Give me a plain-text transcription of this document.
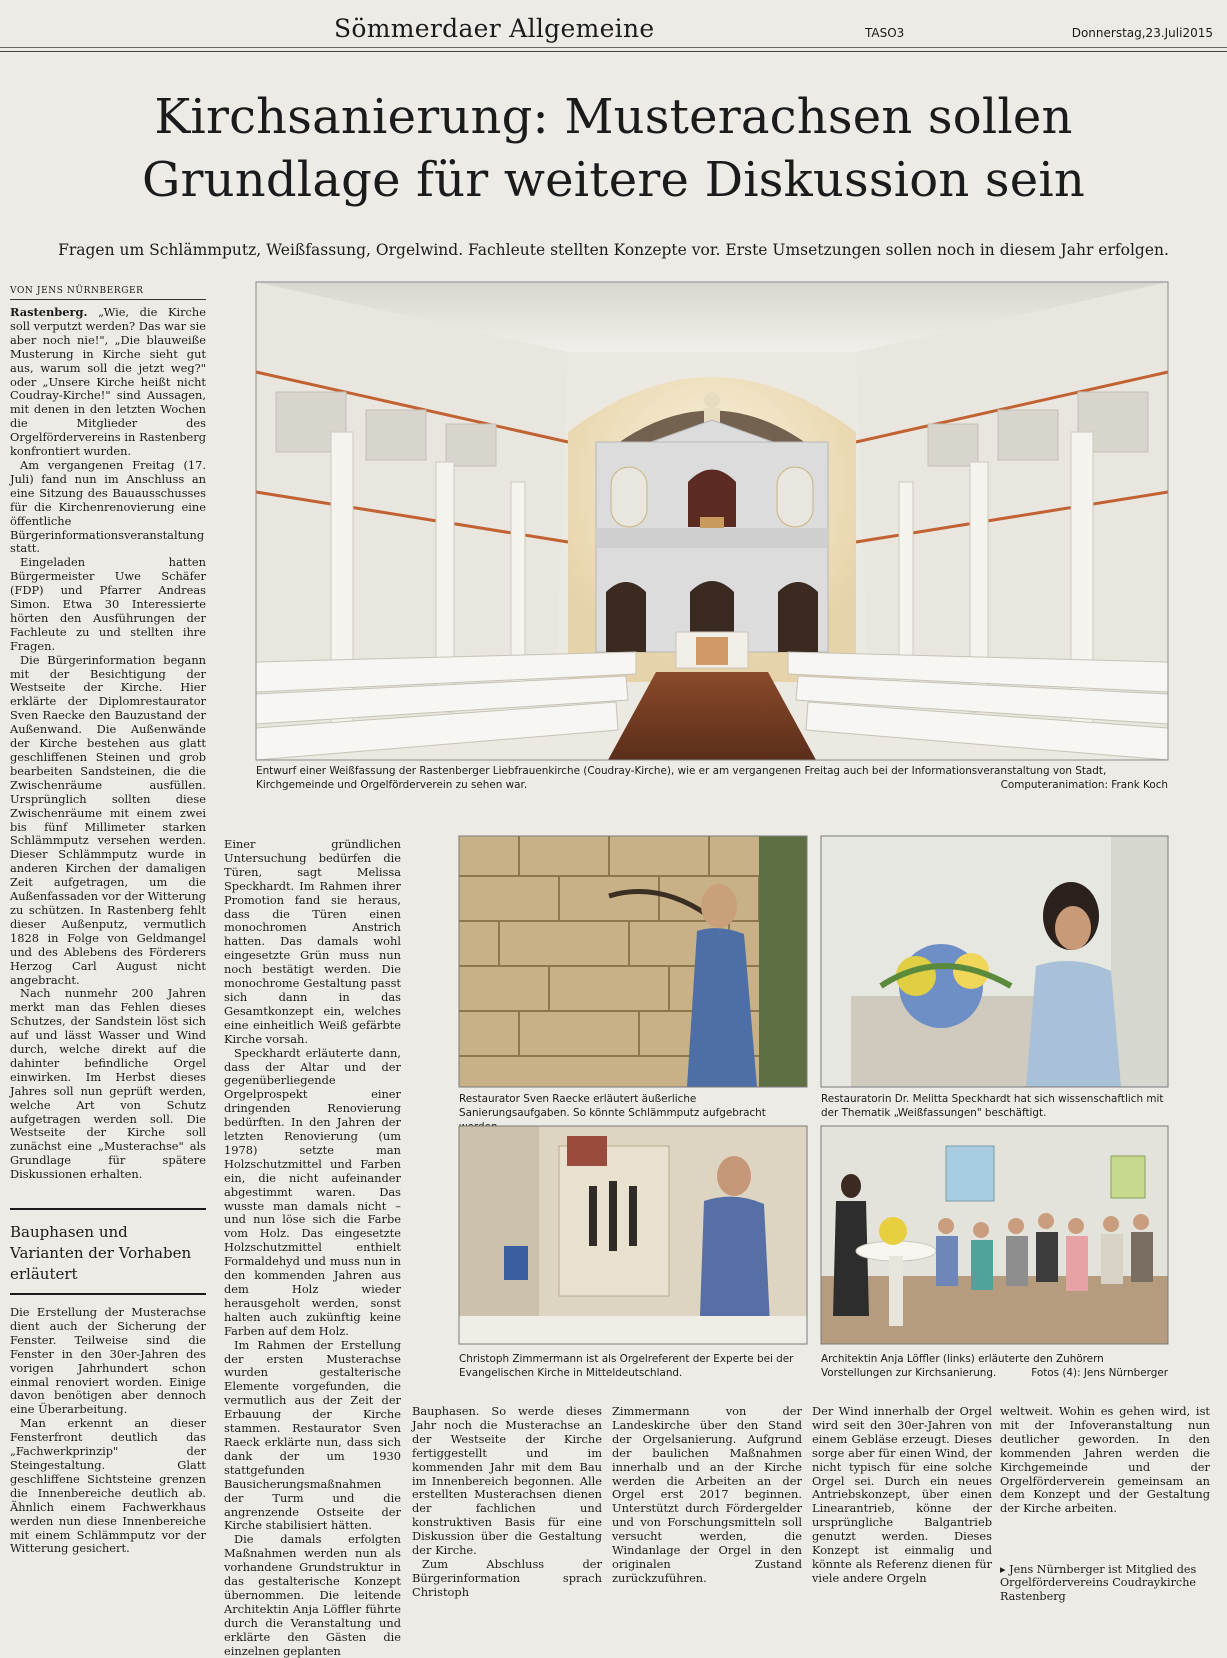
Sömmerdaer Allgemeine	TASO3	Donnerstag,23.Juli2015
Kirchsanierung: Musterachsen sollen Grundlage für weitere Diskussion sein
Fragen um Schlämmputz, Weißfassung, Orgelwind. Fachleute stellten Konzepte vor. Erste Umsetzungen sollen noch in diesem Jahr erfolgen.
VON JENS NÜRNBERGER

Rastenberg. „Wie, die Kirche soll verputzt werden? Das war sie aber noch nie!", „Die blauweiße Musterung in Kirche sieht gut aus, warum soll die jetzt weg?" oder „Unsere Kirche heißt nicht Coudray-Kirche!" sind Aussagen, mit denen in den letzten Wochen die Mitglieder des Orgelfördervereins in Rastenberg konfrontiert wurden.

Am vergangenen Freitag (17. Juli) fand nun im Anschluss an eine Sitzung des Bauausschusses für die Kirchenrenovierung eine öffentliche Bürgerinformationsveranstaltung statt.

Eingeladen hatten Bürgermeister Uwe Schäfer (FDP) und Pfarrer Andreas Simon. Etwa 30 Interessierte hörten den Ausführungen der Fachleute zu und stellten ihre Fragen.

Die Bürgerinformation begann mit der Besichtigung der Westseite der Kirche. Hier erklärte der Diplomrestaurator Sven Raecke den Bauzustand der Außenwand. Die Außenwände der Kirche bestehen aus glatt geschliffenen Steinen und grob bearbeiten Sandsteinen, die die Zwischenräume ausfüllen. Ursprünglich sollten diese Zwischenräume mit einem zwei bis fünf Millimeter starken Schlämmputz versehen werden. Dieser Schlämmputz wurde in anderen Kirchen der damaligen Zeit aufgetragen, um die Außenfassaden vor der Witterung zu schützen. In Rastenberg fehlt dieser Außenputz, vermutlich 1828 in Folge von Geldmangel und des Ablebens des Förderers Herzog Carl August nicht angebracht.

Nach nunmehr 200 Jahren merkt man das Fehlen dieses Schutzes, der Sandstein löst sich auf und lässt Wasser und Wind durch, welche direkt auf die dahinter befindliche Orgel einwirken. Im Herbst dieses Jahres soll nun geprüft werden, welche Art von Schutz aufgetragen werden soll. Die Westseite der Kirche soll zunächst eine „Musterachse" als Grundlage für spätere Diskussionen erhalten.

Bauphasen und Varianten der Vorhaben erläutert

Die Erstellung der Musterachse dient auch der Sicherung der Fenster. Teilweise sind die Fenster in den 30er-Jahren des vorigen Jahrhundert schon einmal renoviert worden. Einige davon benötigen aber dennoch eine Überarbeitung.

Man erkennt an dieser Fensterfront deutlich das „Fachwerkprinzip" der Steingestaltung. Glatt geschliffene Sichtsteine grenzen die Innenbereiche deutlich ab. Ähnlich einem Fachwerkhaus werden nun diese Innenbereiche mit einem Schlämmputz vor der Witterung gesichert.

Entwurf einer Weißfassung der Rastenberger Liebfrauenkirche (Coudray-Kirche), wie er am vergangenen Freitag auch bei der Informationsveranstaltung von Stadt, Kirchgemeinde und Orgelförderverein zu sehen war.	Computeranimation: Frank Koch

Einer gründlichen Untersuchung bedürfen die Türen, sagt Melissa Speckhardt. Im Rahmen ihrer Promotion fand sie heraus, dass die Türen einen monochromen Anstrich hatten. Das damals wohl eingesetzte Grün muss nun noch bestätigt werden. Die monochrome Gestaltung passt sich dann in das Gesamtkonzept ein, welches eine einheitlich Weiß gefärbte Kirche vorsah.

Speckhardt erläuterte dann, dass der Altar und der gegenüberliegende Orgelprospekt einer dringenden Renovierung bedürften. In den Jahren der letzten Renovierung (um 1978) setzte man Holzschutzmittel und Farben ein, die nicht aufeinander abgestimmt waren. Das wusste man damals nicht – und nun löse sich die Farbe vom Holz. Das eingesetzte Holzschutzmittel enthielt Formaldehyd und muss nun in den kommenden Jahren aus dem Holz wieder herausgeholt werden, sonst halten auch zukünftig keine Farben auf dem Holz.

Im Rahmen der Erstellung der ersten Musterachse wurden gestalterische Elemente vorgefunden, die vermutlich aus der Zeit der Erbauung der Kirche stammen. Restaurator Sven Raeck erklärte nun, dass sich dank der um 1930 stattgefunden Bausicherungsmaßnahmen der Turm und die angrenzende Ostseite der Kirche stabilisiert hätten.

Die damals erfolgten Maßnahmen werden nun als vorhandene Grundstruktur in das gestalterische Konzept übernommen. Die leitende Architektin Anja Löffler führte durch die Veranstaltung und erklärte den Gästen die einzelnen geplanten

Restaurator Sven Raecke erläutert äußerliche Sanierungsaufgaben. So könnte Schlämmputz aufgebracht
Restauratorin Dr. Melitta Speckhardt hat sich wissenschaftlich mit der Thematik „Weißfassungen" beschäftigt.
Christoph Zimmermann ist als Orgelreferent der Experte bei der Evangelischen Kirche in Mitteldeutschland.
Architektin Anja Löffler (links) erläuterte den Zuhörern Vorstellungen zur Kirchsanierung.	Fotos (4): Jens Nürnberger

Bauphasen. So werde dieses Jahr noch die Musterachse an der Westseite der Kirche fertiggestellt und im kommenden Jahr mit dem Bau im Innenbereich begonnen. Alle erstellten Musterachsen dienen der fachlichen und konstruktiven Basis für eine Diskussion über die Gestaltung der Kirche.

Zum Abschluss der Bürgerinformation sprach Christoph

Zimmermann von der Landeskirche über den Stand der Orgelsanierung. Aufgrund der baulichen Maßnahmen innerhalb und an der Kirche werden die Arbeiten an der Orgel erst 2017 beginnen. Unterstützt durch Fördergelder und von Forschungsmitteln soll versucht werden, die Windanlage der Orgel in den originalen Zustand zurückzuführen.

Der Wind innerhalb der Orgel wird seit den 30er-Jahren von einem Gebläse erzeugt. Dieses sorge aber für einen Wind, der nicht typisch für eine solche Orgel sei. Durch ein neues Antriebskonzept, über einen Linearantrieb, könne der ursprüngliche Balgantrieb genutzt werden. Dieses Konzept ist einmalig und könnte als Referenz dienen für viele andere Orgeln

weltweit. Wohin es gehen wird, ist mit der Infoveranstaltung nun deutlicher geworden. In den kommenden Jahren werden die Kirchgemeinde und der Orgelförderverein gemeinsam an dem Konzept und der Gestaltung der Kirche arbeiten.

▸ Jens Nürnberger ist Mitglied des Orgelfördervereins Coudraykirche Rastenberg
